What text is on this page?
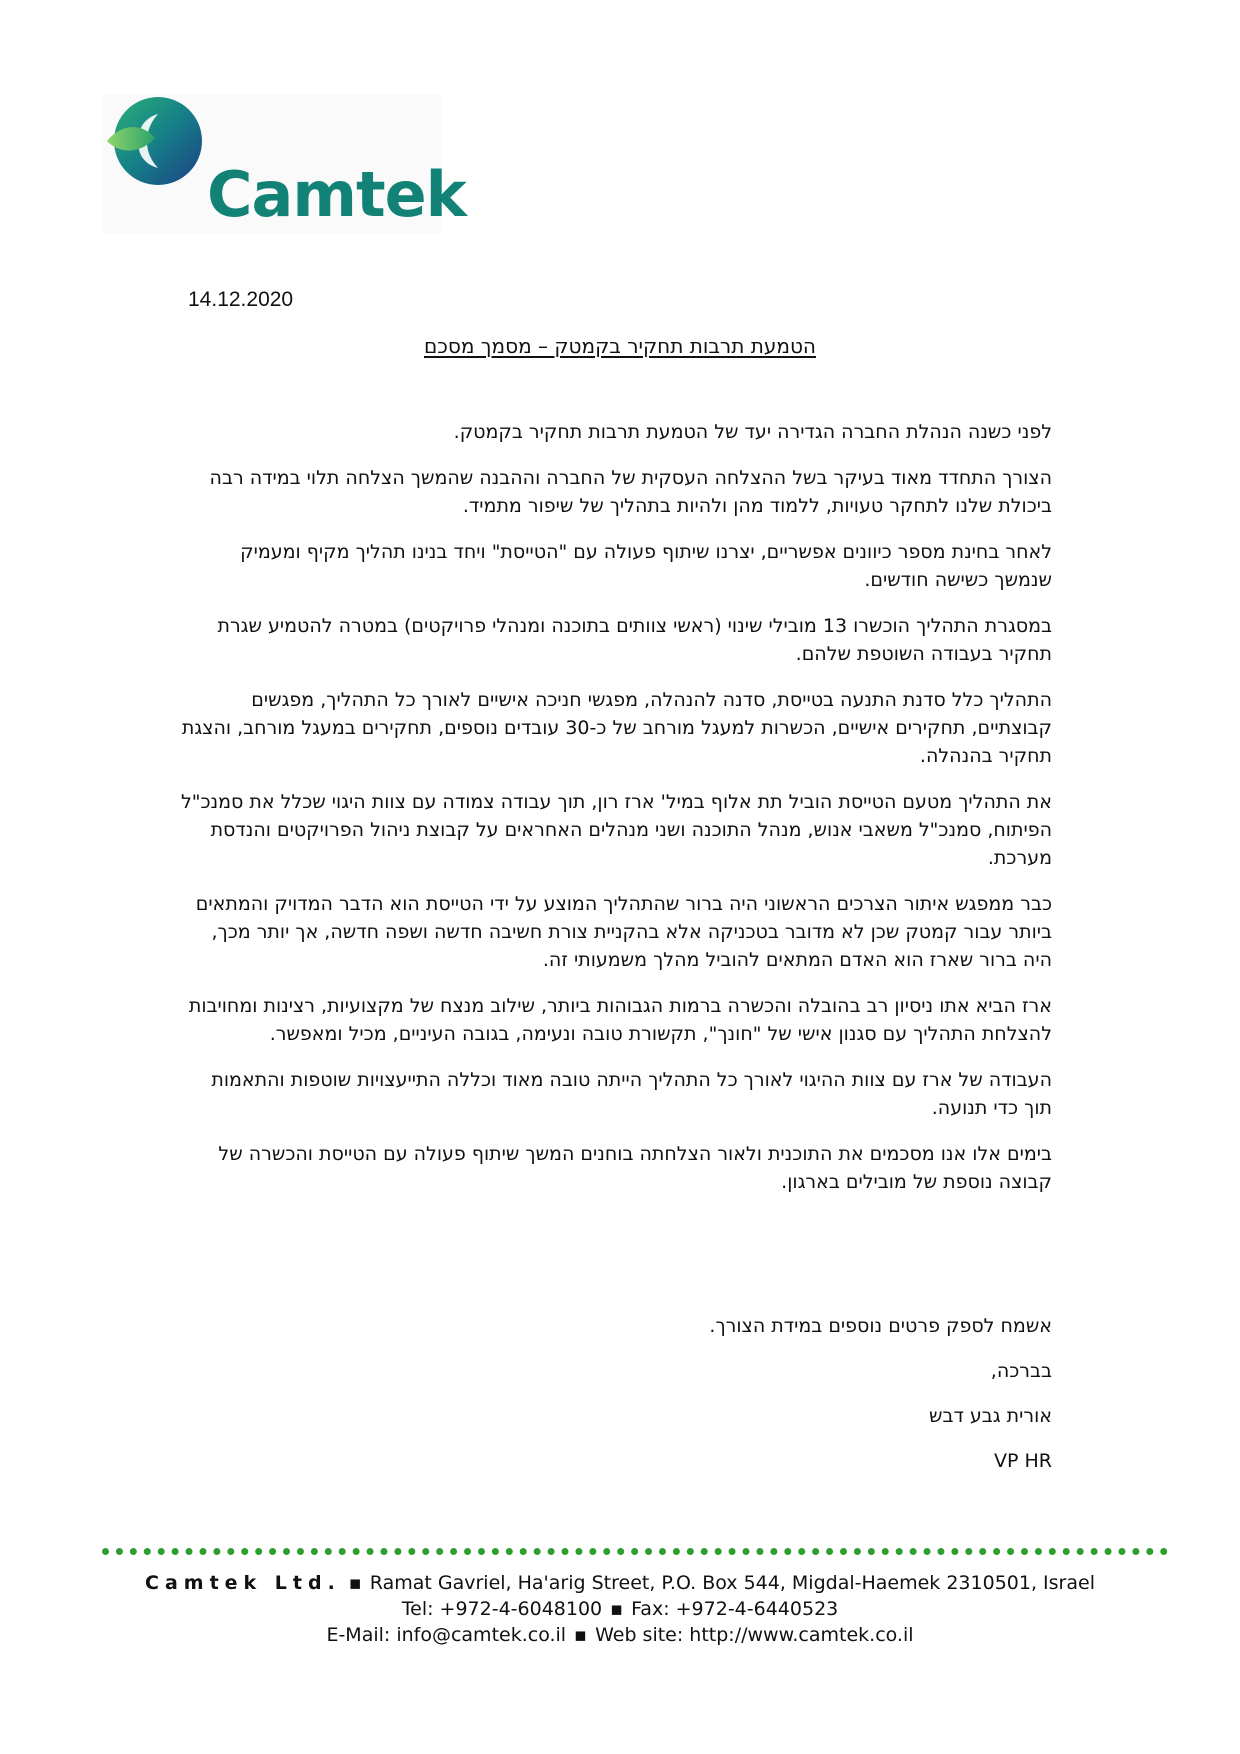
Camtek
14.12.2020
הטמעת תרבות תחקיר בקמטק – מסמך מסכם

לפני כשנה הנהלת החברה הגדירה יעד של הטמעת תרבות תחקיר בקמטק.

הצורך התחדד מאוד בעיקר בשל ההצלחה העסקית של החברה וההבנה שהמשך הצלחה תלוי במידה רבה ביכולת שלנו לתחקר טעויות, ללמוד מהן ולהיות בתהליך של שיפור מתמיד.

לאחר בחינת מספר כיוונים אפשריים, יצרנו שיתוף פעולה עם "הטייסת" ויחד בנינו תהליך מקיף ומעמיק שנמשך כשישה חודשים.

במסגרת התהליך הוכשרו 13 מובילי שינוי (ראשי צוותים בתוכנה ומנהלי פרויקטים) במטרה להטמיע שגרת תחקיר בעבודה השוטפת שלהם.

התהליך כלל סדנת התנעה בטייסת, סדנה להנהלה, מפגשי חניכה אישיים לאורך כל התהליך, מפגשים קבוצתיים, תחקירים אישיים, הכשרות למעגל מורחב של כ-30 עובדים נוספים, תחקירים במעגל מורחב, והצגת תחקיר בהנהלה.

את התהליך מטעם הטייסת הוביל תת אלוף במיל' ארז רון, תוך עבודה צמודה עם צוות היגוי שכלל את סמנכ"ל הפיתוח, סמנכ"ל משאבי אנוש, מנהל התוכנה ושני מנהלים האחראים על קבוצת ניהול הפרויקטים והנדסת מערכת.

כבר ממפגש איתור הצרכים הראשוני היה ברור שהתהליך המוצע על ידי הטייסת הוא הדבר המדויק והמתאים ביותר עבור קמטק שכן לא מדובר בטכניקה אלא בהקניית צורת חשיבה חדשה ושפה חדשה, אך יותר מכך, היה ברור שארז הוא האדם המתאים להוביל מהלך משמעותי זה.

ארז הביא אתו ניסיון רב בהובלה והכשרה ברמות הגבוהות ביותר, שילוב מנצח של מקצועיות, רצינות ומחויבות להצלחת התהליך עם סגנון אישי של "חונך", תקשורת טובה ונעימה, בגובה העיניים, מכיל ומאפשר.

העבודה של ארז עם צוות ההיגוי לאורך כל התהליך הייתה טובה מאוד וכללה התייעצויות שוטפות והתאמות תוך כדי תנועה.

בימים אלו אנו מסכמים את התוכנית ולאור הצלחתה בוחנים המשך שיתוף פעולה עם הטייסת והכשרה של קבוצה נוספת של מובילים בארגון.

אשמח לספק פרטים נוספים במידת הצורך.

בברכה,

אורית גבע דבש

VP HR

Camtek Ltd. ▪ Ramat Gavriel, Ha'arig Street, P.O. Box 544, Migdal-Haemek 2310501, Israel
Tel: +972-4-6048100 ▪ Fax: +972-4-6440523
E-Mail: info@camtek.co.il ▪ Web site: http://www.camtek.co.il
